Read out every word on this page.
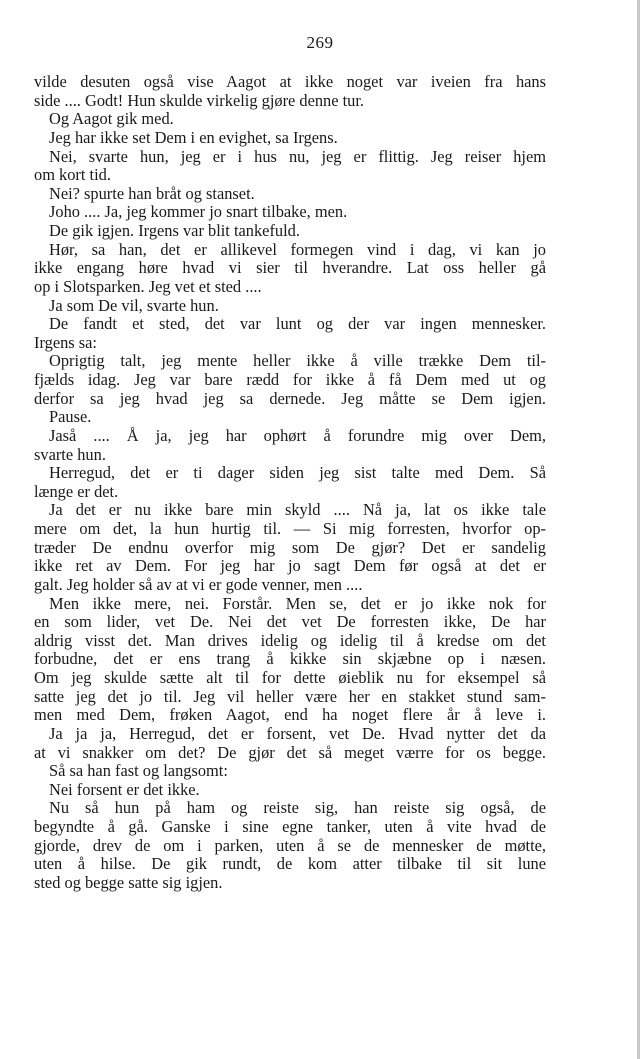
269
vilde desuten også vise Aagot at ikke noget var iveien fra hans
side .... Godt! Hun skulde virkelig gjøre denne tur.
Og Aagot gik med.
Jeg har ikke set Dem i en evighet, sa Irgens.
Nei, svarte hun, jeg er i hus nu, jeg er flittig. Jeg reiser hjem
om kort tid.
Nei? spurte han bråt og stanset.
Joho .... Ja, jeg kommer jo snart tilbake, men.
De gik igjen. Irgens var blit tankefuld.
Hør, sa han, det er allikevel formegen vind i dag, vi kan jo
ikke engang høre hvad vi sier til hverandre. Lat oss heller gå
op i Slotsparken. Jeg vet et sted ....
Ja som De vil, svarte hun.
De fandt et sted, det var lunt og der var ingen mennesker.
Irgens sa:
Oprigtig talt, jeg mente heller ikke å ville trække Dem til-
fjælds idag. Jeg var bare rædd for ikke å få Dem med ut og
derfor sa jeg hvad jeg sa dernede. Jeg måtte se Dem igjen.
Pause.
Jaså .... Å ja, jeg har ophørt å forundre mig over Dem,
svarte hun.
Herregud, det er ti dager siden jeg sist talte med Dem. Så
længe er det.
Ja det er nu ikke bare min skyld .... Nå ja, lat os ikke tale
mere om det, la hun hurtig til. — Si mig forresten, hvorfor op-
træder De endnu overfor mig som De gjør? Det er sandelig
ikke ret av Dem. For jeg har jo sagt Dem før også at det er
galt. Jeg holder så av at vi er gode venner, men ....
Men ikke mere, nei. Forstår. Men se, det er jo ikke nok for
en som lider, vet De. Nei det vet De forresten ikke, De har
aldrig visst det. Man drives idelig og idelig til å kredse om det
forbudne, det er ens trang å kikke sin skjæbne op i næsen.
Om jeg skulde sætte alt til for dette øieblik nu for eksempel så
satte jeg det jo til. Jeg vil heller være her en stakket stund sam-
men med Dem, frøken Aagot, end ha noget flere år å leve i.
Ja ja ja, Herregud, det er forsent, vet De. Hvad nytter det da
at vi snakker om det? De gjør det så meget værre for os begge.
Så sa han fast og langsomt:
Nei forsent er det ikke.
Nu så hun på ham og reiste sig, han reiste sig også, de
begyndte å gå. Ganske i sine egne tanker, uten å vite hvad de
gjorde, drev de om i parken, uten å se de mennesker de møtte,
uten å hilse. De gik rundt, de kom atter tilbake til sit lune
sted og begge satte sig igjen.
